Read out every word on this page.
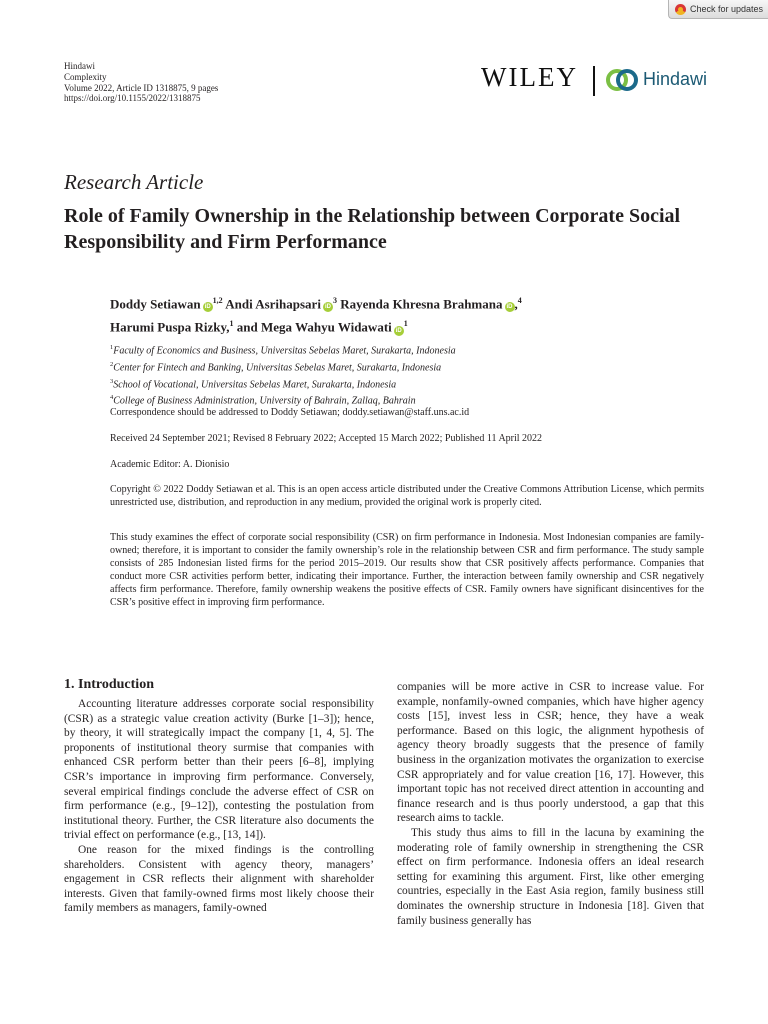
Check for updates
Hindawi
Complexity
Volume 2022, Article ID 1318875, 9 pages
https://doi.org/10.1155/2022/1318875
WILEY	Hindawi
Research Article
Role of Family Ownership in the Relationship between Corporate Social Responsibility and Firm Performance
Doddy Setiawan iD$^{1,2}$ Andi Asrihapsari $iD^3$ Rayenda Khresna Brahmana iD ,$^4$
Harumi Puspa Rizky,$^1$ and Mega Wahyu Widawati $iD^1$
$^1$Faculty of Economics and Business, Universitas Sebelas Maret, Surakarta, Indonesia
$^2$Center for Fintech and Banking, Universitas Sebelas Maret, Surakarta, Indonesia
$^3$School of Vocational, Universitas Sebelas Maret, Surakarta, Indonesia
$^4$College of Business Administration, University of Bahrain, Zallaq, Bahrain
Correspondence should be addressed to Doddy Setiawan; doddy.setiawan@staff.uns.ac.id
Received 24 September 2021; Revised 8 February 2022; Accepted 15 March 2022; Published 11 April 2022
Academic Editor: A. Dionisio
Copyright © 2022 Doddy Setiawan et al. This is an open access article distributed under the Creative Commons Attribution License, which permits unrestricted use, distribution, and reproduction in any medium, provided the original work is properly cited.
This study examines the effect of corporate social responsibility (CSR) on firm performance in Indonesia. Most Indonesian companies are family-owned; therefore, it is important to consider the family ownership’s role in the relationship between CSR and firm performance. The study sample consists of 285 Indonesian listed firms for the period 2015–2019. Our results show that CSR positively affects performance. Companies that conduct more CSR activities perform better, indicating their importance. Further, the interaction between family ownership and CSR negatively affects firm performance. Therefore, family ownership weakens the positive effects of CSR. Family owners have significant disincentives for the CSR’s positive effect in improving firm performance.
1. Introduction

Accounting literature addresses corporate social responsibility (CSR) as a strategic value creation activity (Burke [1–3]); hence, by theory, it will strategically impact the company [1, 4, 5]. The proponents of institutional theory surmise that companies with enhanced CSR perform better than their peers [6–8], implying CSR’s importance in improving firm performance. Conversely, several empirical findings conclude the adverse effect of CSR on firm performance (e.g., [9–12]), contesting the postulation from institutional theory. Further, the CSR literature also documents the trivial effect on performance (e.g., [13, 14]).

One reason for the mixed findings is the controlling shareholders. Consistent with agency theory, managers’ engagement in CSR reflects their alignment with shareholder interests. Given that family-owned firms most likely choose their family members as managers, family-owned

companies will be more active in CSR to increase value. For example, nonfamily-owned companies, which have higher agency costs [15], invest less in CSR; hence, they have a weak performance. Based on this logic, the alignment hypothesis of agency theory broadly suggests that the presence of family business in the organization motivates the organization to exercise CSR appropriately and for value creation [16, 17]. However, this important topic has not received direct attention in accounting and finance research and is thus poorly understood, a gap that this research aims to tackle.

This study thus aims to fill in the lacuna by examining the moderating role of family ownership in strengthening the CSR effect on firm performance. Indonesia offers an ideal research setting for examining this argument. First, like other emerging countries, especially in the East Asia region, family business still dominates the ownership structure in Indonesia [18]. Given that family business generally has
